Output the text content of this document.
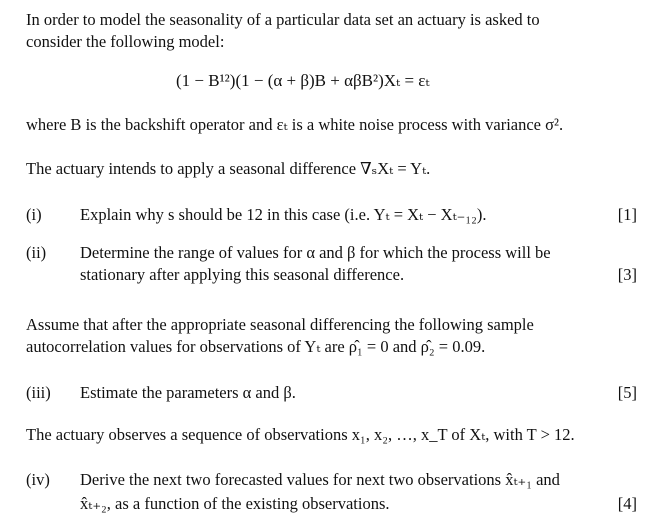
In order to model the seasonality of a particular data set an actuary is asked to
consider the following model:
(1 − B¹²)(1 − (α + β)B + αβB²)Xₜ = εₜ
where B is the backshift operator and εₜ is a white noise process with variance σ².
The actuary intends to apply a seasonal difference ∇ₛXₜ = Yₜ.
(i) Explain why s should be 12 in this case (i.e. Yₜ = Xₜ − Xₜ₋₁₂).	[1]
(ii) Determine the range of values for α and β for which the process will be
stationary after applying this seasonal difference.	[3]
Assume that after the appropriate seasonal differencing the following sample
autocorrelation values for observations of Yₜ are ρ̂₁ = 0 and ρ̂₂ = 0.09.
(iii) Estimate the parameters α and β.	[5]
The actuary observes a sequence of observations x₁, x₂, …, x_T of Xₜ, with T > 12.
(iv) Derive the next two forecasted values for next two observations x̂ₜ₊₁ and
x̂ₜ₊₂, as a function of the existing observations.	[4]
